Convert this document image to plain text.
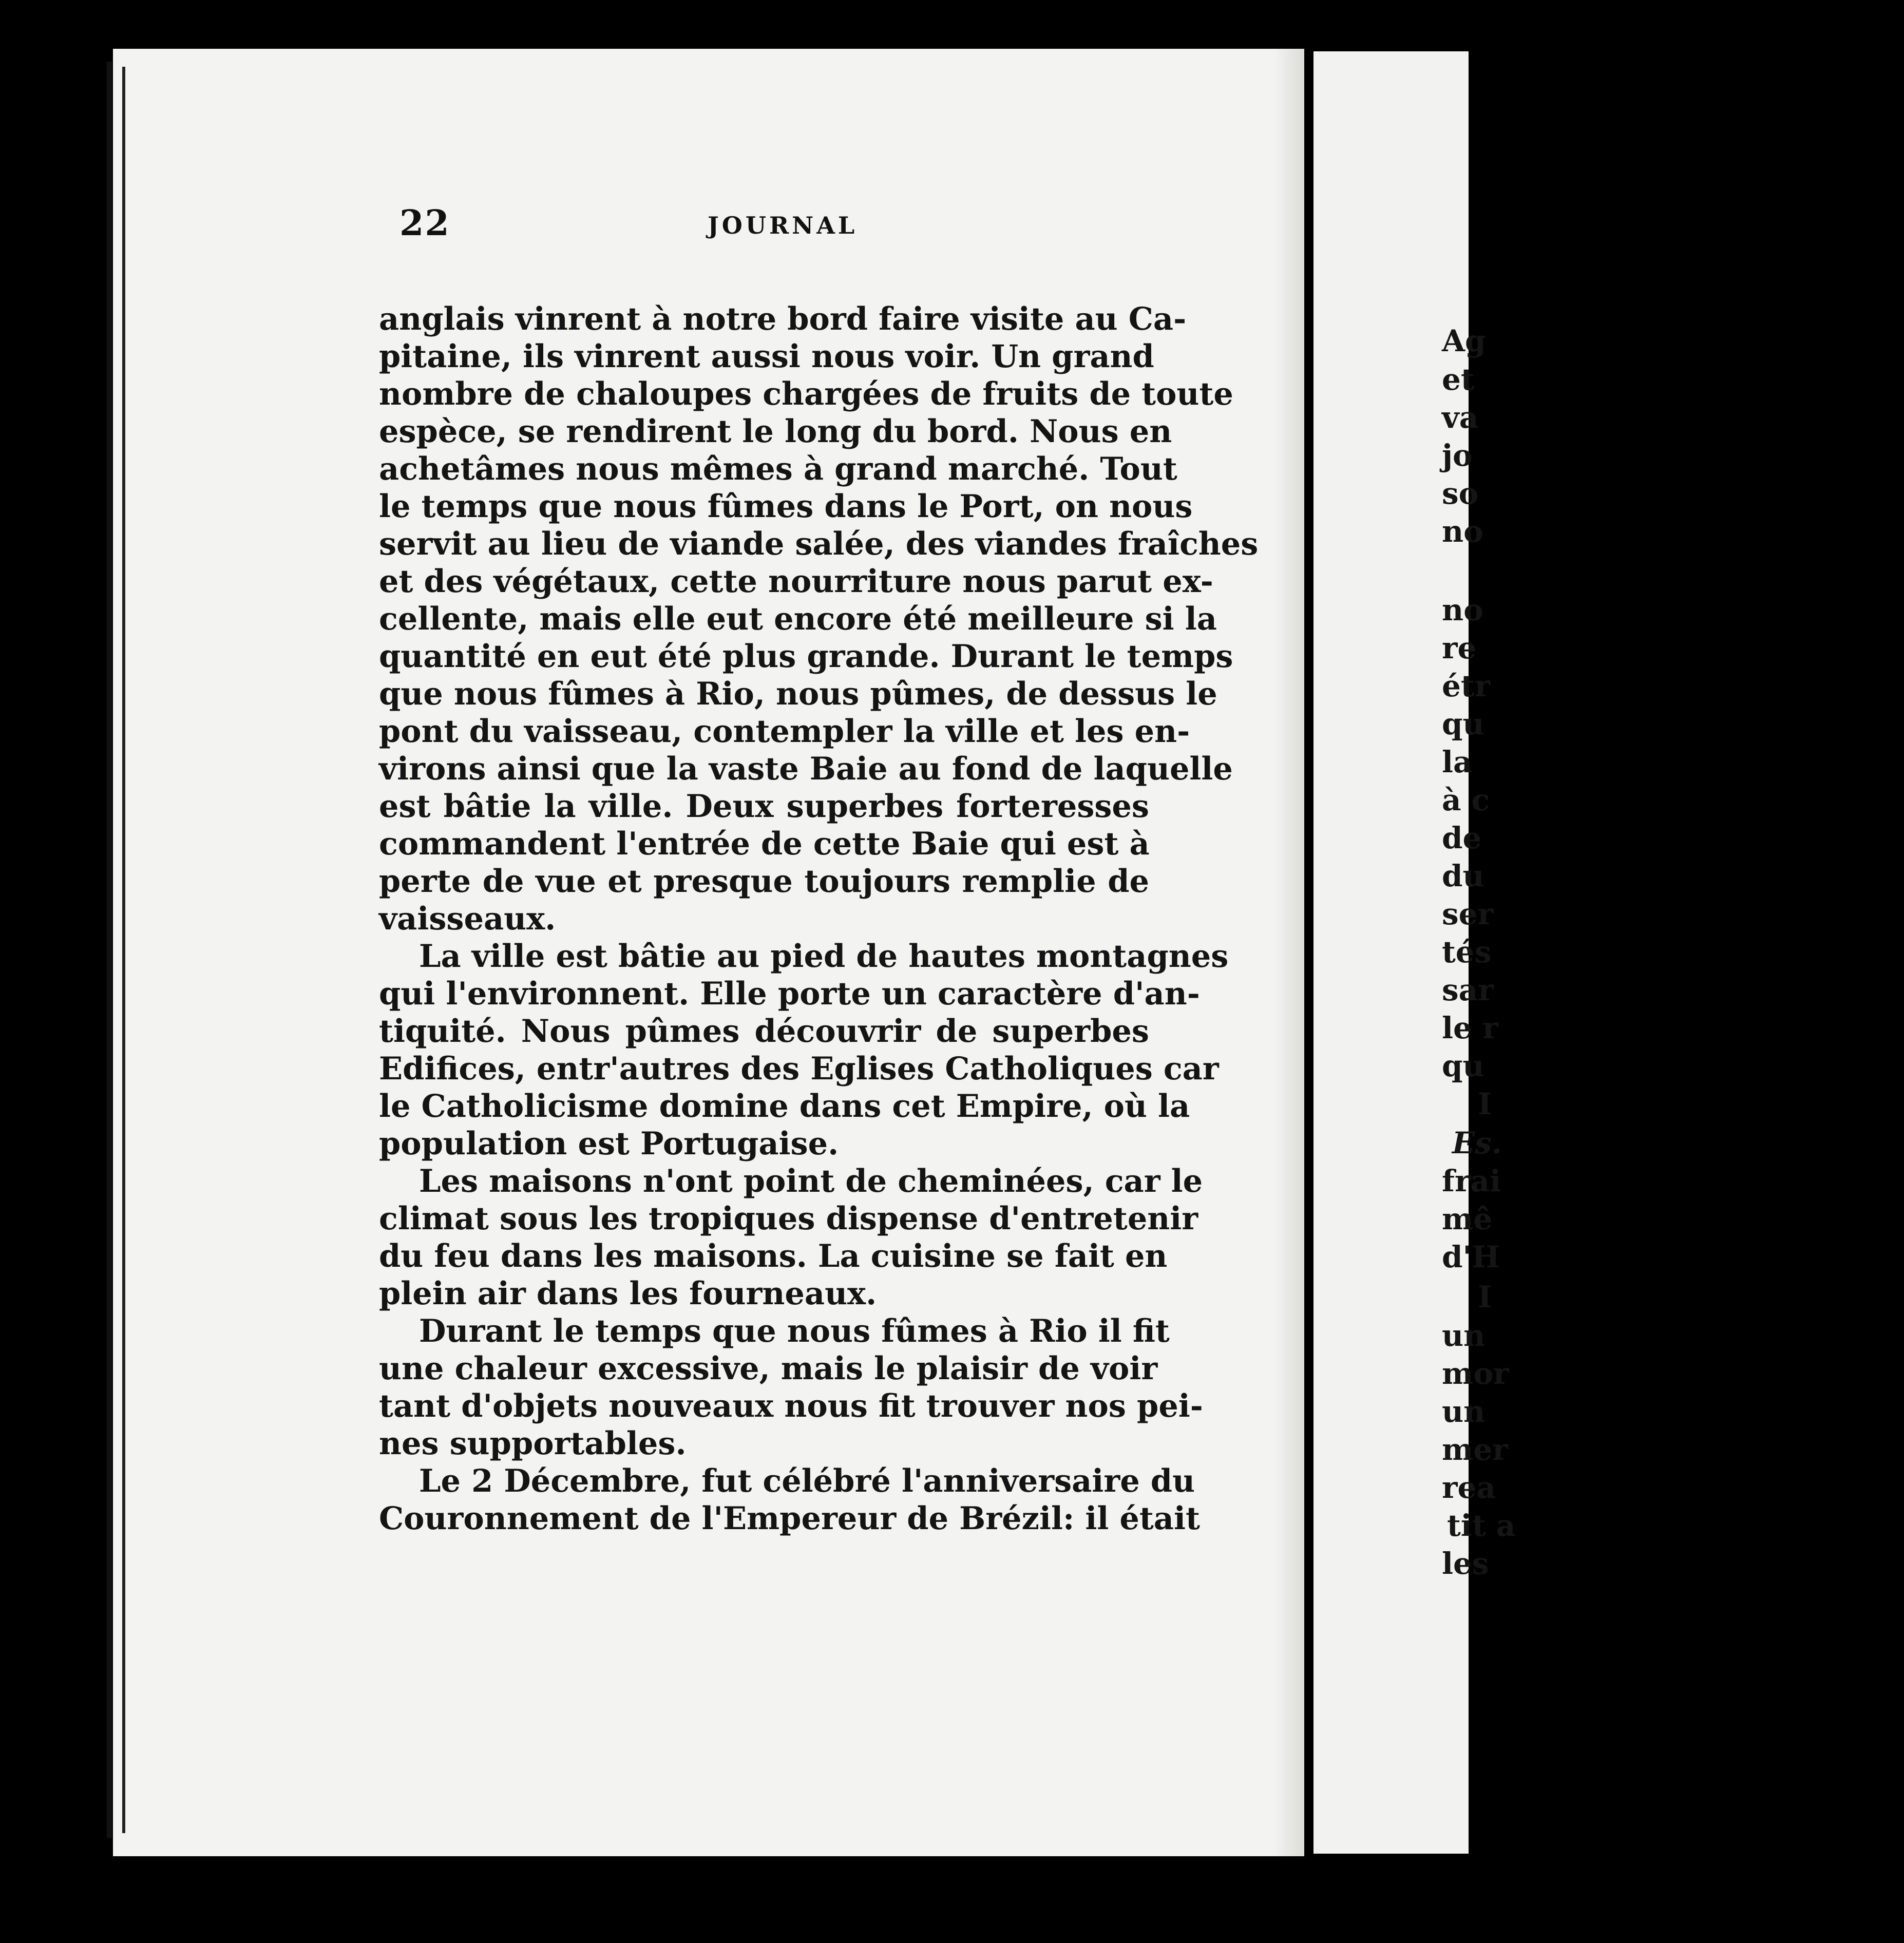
22	JOURNAL
anglais vinrent à notre bord faire visite au Ca-
pitaine, ils vinrent aussi nous voir. Un grand
nombre de chaloupes chargées de fruits de toute
espèce, se rendirent le long du bord. Nous en
achetâmes nous mêmes à grand marché. Tout
le temps que nous fûmes dans le Port, on nous
servit au lieu de viande salée, des viandes fraîches
et des végétaux, cette nourriture nous parut ex-
cellente, mais elle eut encore été meilleure si la
quantité en eut été plus grande. Durant le temps
que nous fûmes à Rio, nous pûmes, de dessus le
pont du vaisseau, contempler la ville et les en-
virons ainsi que la vaste Baie au fond de laquelle
est bâtie la ville. Deux superbes forteresses
commandent l'entrée de cette Baie qui est à
perte de vue et presque toujours remplie de
vaisseaux.
La ville est bâtie au pied de hautes montagnes
qui l'environnent. Elle porte un caractère d'an-
tiquité. Nous pûmes découvrir de superbes
Edifices, entr'autres des Eglises Catholiques car
le Catholicisme domine dans cet Empire, où la
population est Portugaise.
Les maisons n'ont point de cheminées, car le
climat sous les tropiques dispense d'entretenir
du feu dans les maisons. La cuisine se fait en
plein air dans les fourneaux.
Durant le temps que nous fûmes à Rio il fit
une chaleur excessive, mais le plaisir de voir
tant d'objets nouveaux nous fit trouver nos pei-
nes supportables.
Le 2 Décembre, fut célébré l'anniversaire du
Couronnement de l'Empereur de Brézil: il était
Ag
et
va
jo
so
no
no
re
étr
qu
la
à c
de
du
ser
tés
sar
le r
qu
I
Es.
frai
mê
d'H
I
un
mor
un
mer
rea
tit a
les
